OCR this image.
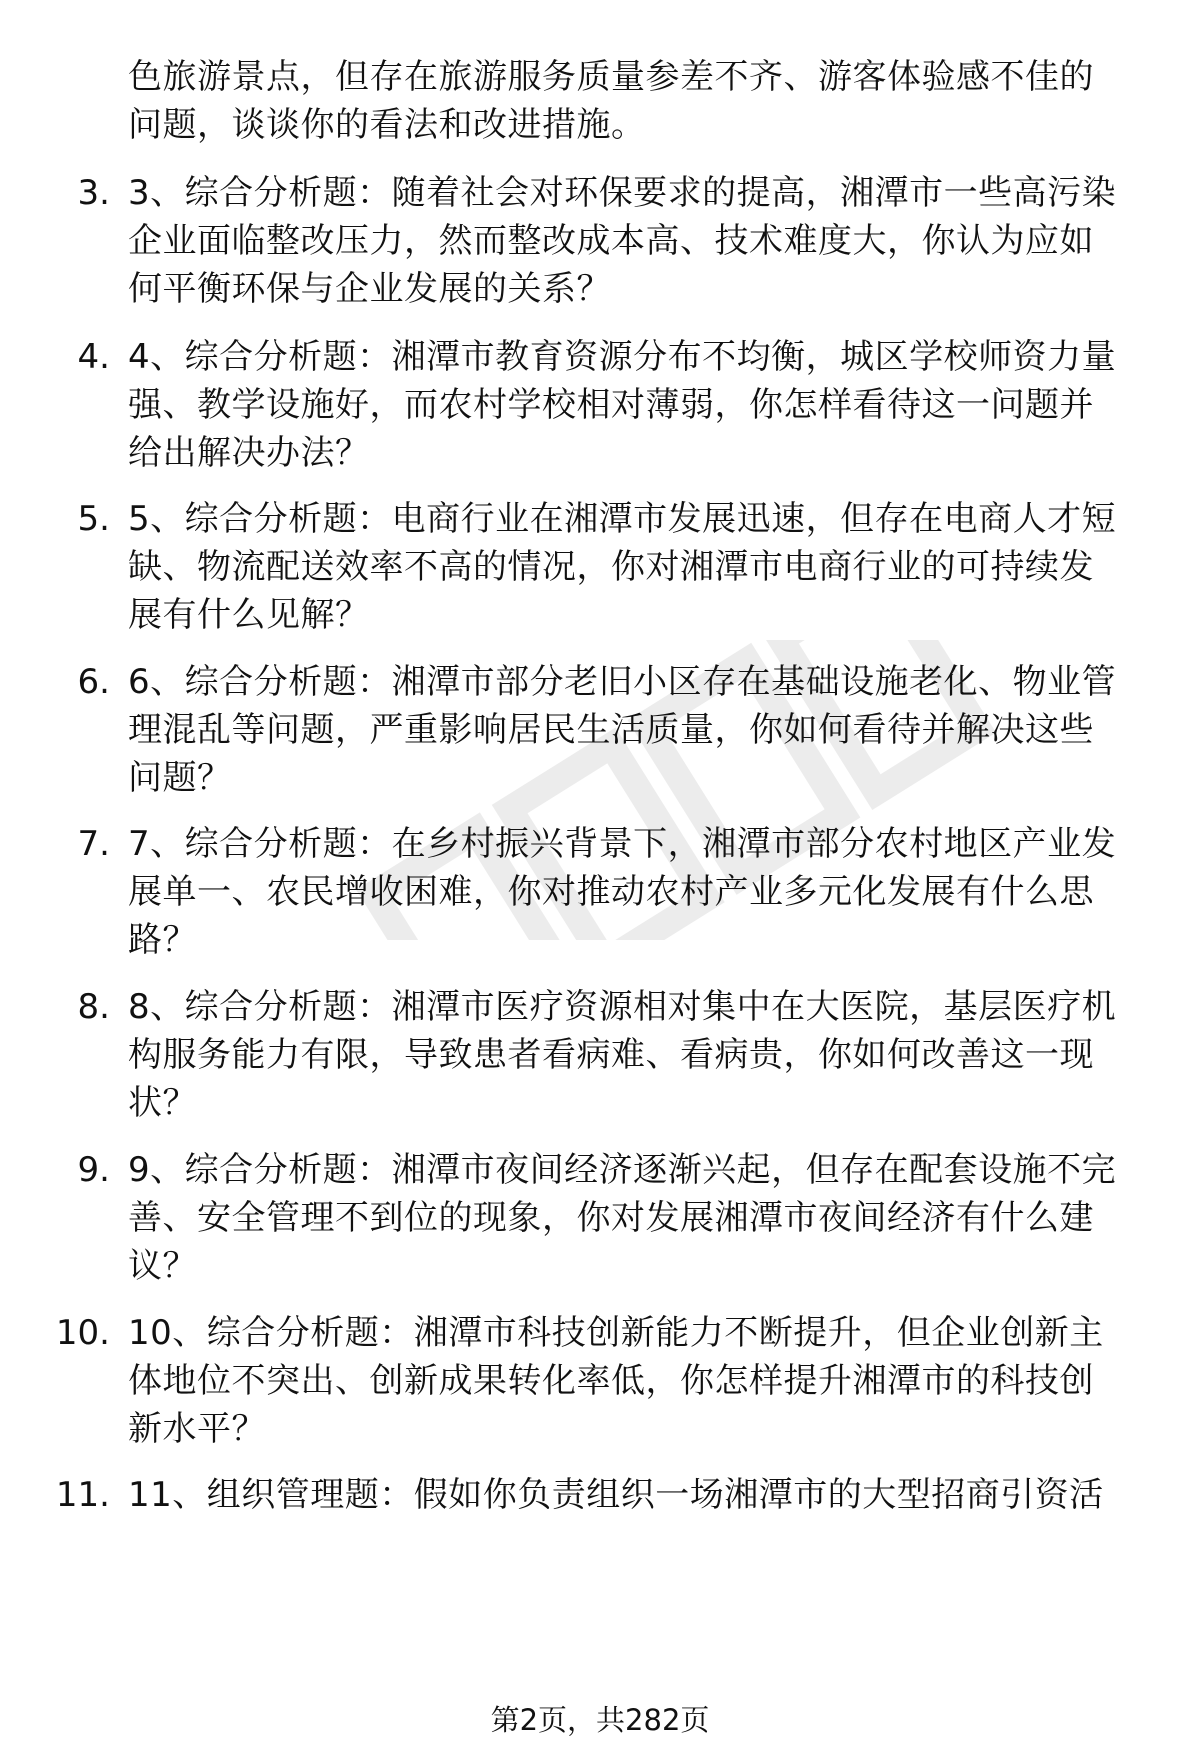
色旅游景点，但存在旅游服务质量参差不齐、游客体验感不佳的
问题，谈谈你的看法和改进措施。
3. 3、综合分析题：随着社会对环保要求的提高，湘潭市一些高污染
企业面临整改压力，然而整改成本高、技术难度大，你认为应如
何平衡环保与企业发展的关系？
4. 4、综合分析题：湘潭市教育资源分布不均衡，城区学校师资力量
强、教学设施好，而农村学校相对薄弱，你怎样看待这一问题并
给出解决办法？
5. 5、综合分析题：电商行业在湘潭市发展迅速，但存在电商人才短
缺、物流配送效率不高的情况，你对湘潭市电商行业的可持续发
展有什么见解？
6. 6、综合分析题：湘潭市部分老旧小区存在基础设施老化、物业管
理混乱等问题，严重影响居民生活质量，你如何看待并解决这些
问题？
7. 7、综合分析题：在乡村振兴背景下，湘潭市部分农村地区产业发
展单一、农民增收困难，你对推动农村产业多元化发展有什么思
路？
8. 8、综合分析题：湘潭市医疗资源相对集中在大医院，基层医疗机
构服务能力有限，导致患者看病难、看病贵，你如何改善这一现
状？
9. 9、综合分析题：湘潭市夜间经济逐渐兴起，但存在配套设施不完
善、安全管理不到位的现象，你对发展湘潭市夜间经济有什么建
议？
10. 10、综合分析题：湘潭市科技创新能力不断提升，但企业创新主
体地位不突出、创新成果转化率低，你怎样提升湘潭市的科技创
新水平？
11. 11、组织管理题：假如你负责组织一场湘潭市的大型招商引资活
第2页，共282页
